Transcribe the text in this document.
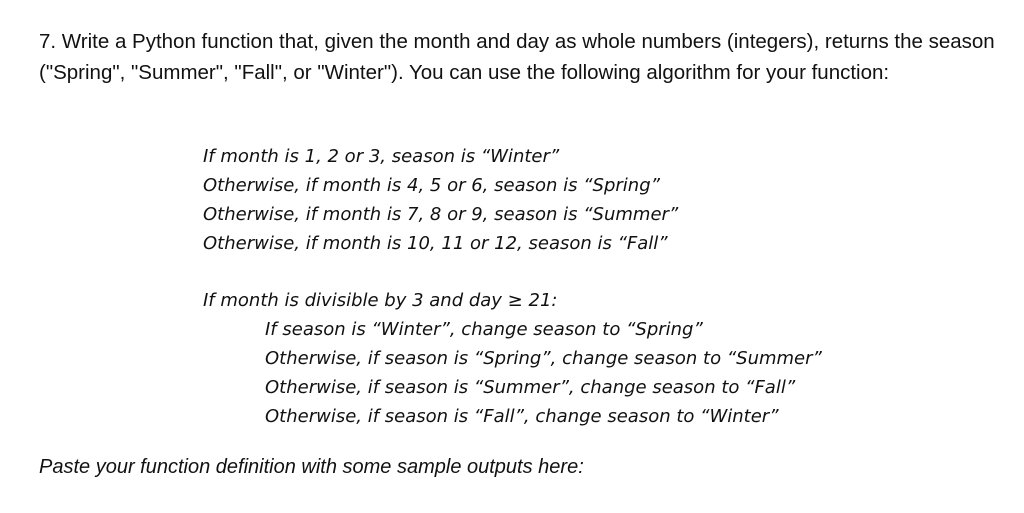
7. Write a Python function that, given the month and day as whole numbers (integers), returns the season ("Spring", "Summer", "Fall", or "Winter"). You can use the following algorithm for your function:

If month is 1, 2 or 3, season is “Winter”
Otherwise, if month is 4, 5 or 6, season is “Spring”
Otherwise, if month is 7, 8 or 9, season is “Summer”
Otherwise, if month is 10, 11 or 12, season is “Fall”
If month is divisible by 3 and day ≥ 21:
If season is “Winter”, change season to “Spring”
Otherwise, if season is “Spring”, change season to “Summer”
Otherwise, if season is “Summer”, change season to “Fall”
Otherwise, if season is “Fall”, change season to “Winter”

Paste your function definition with some sample outputs here:
